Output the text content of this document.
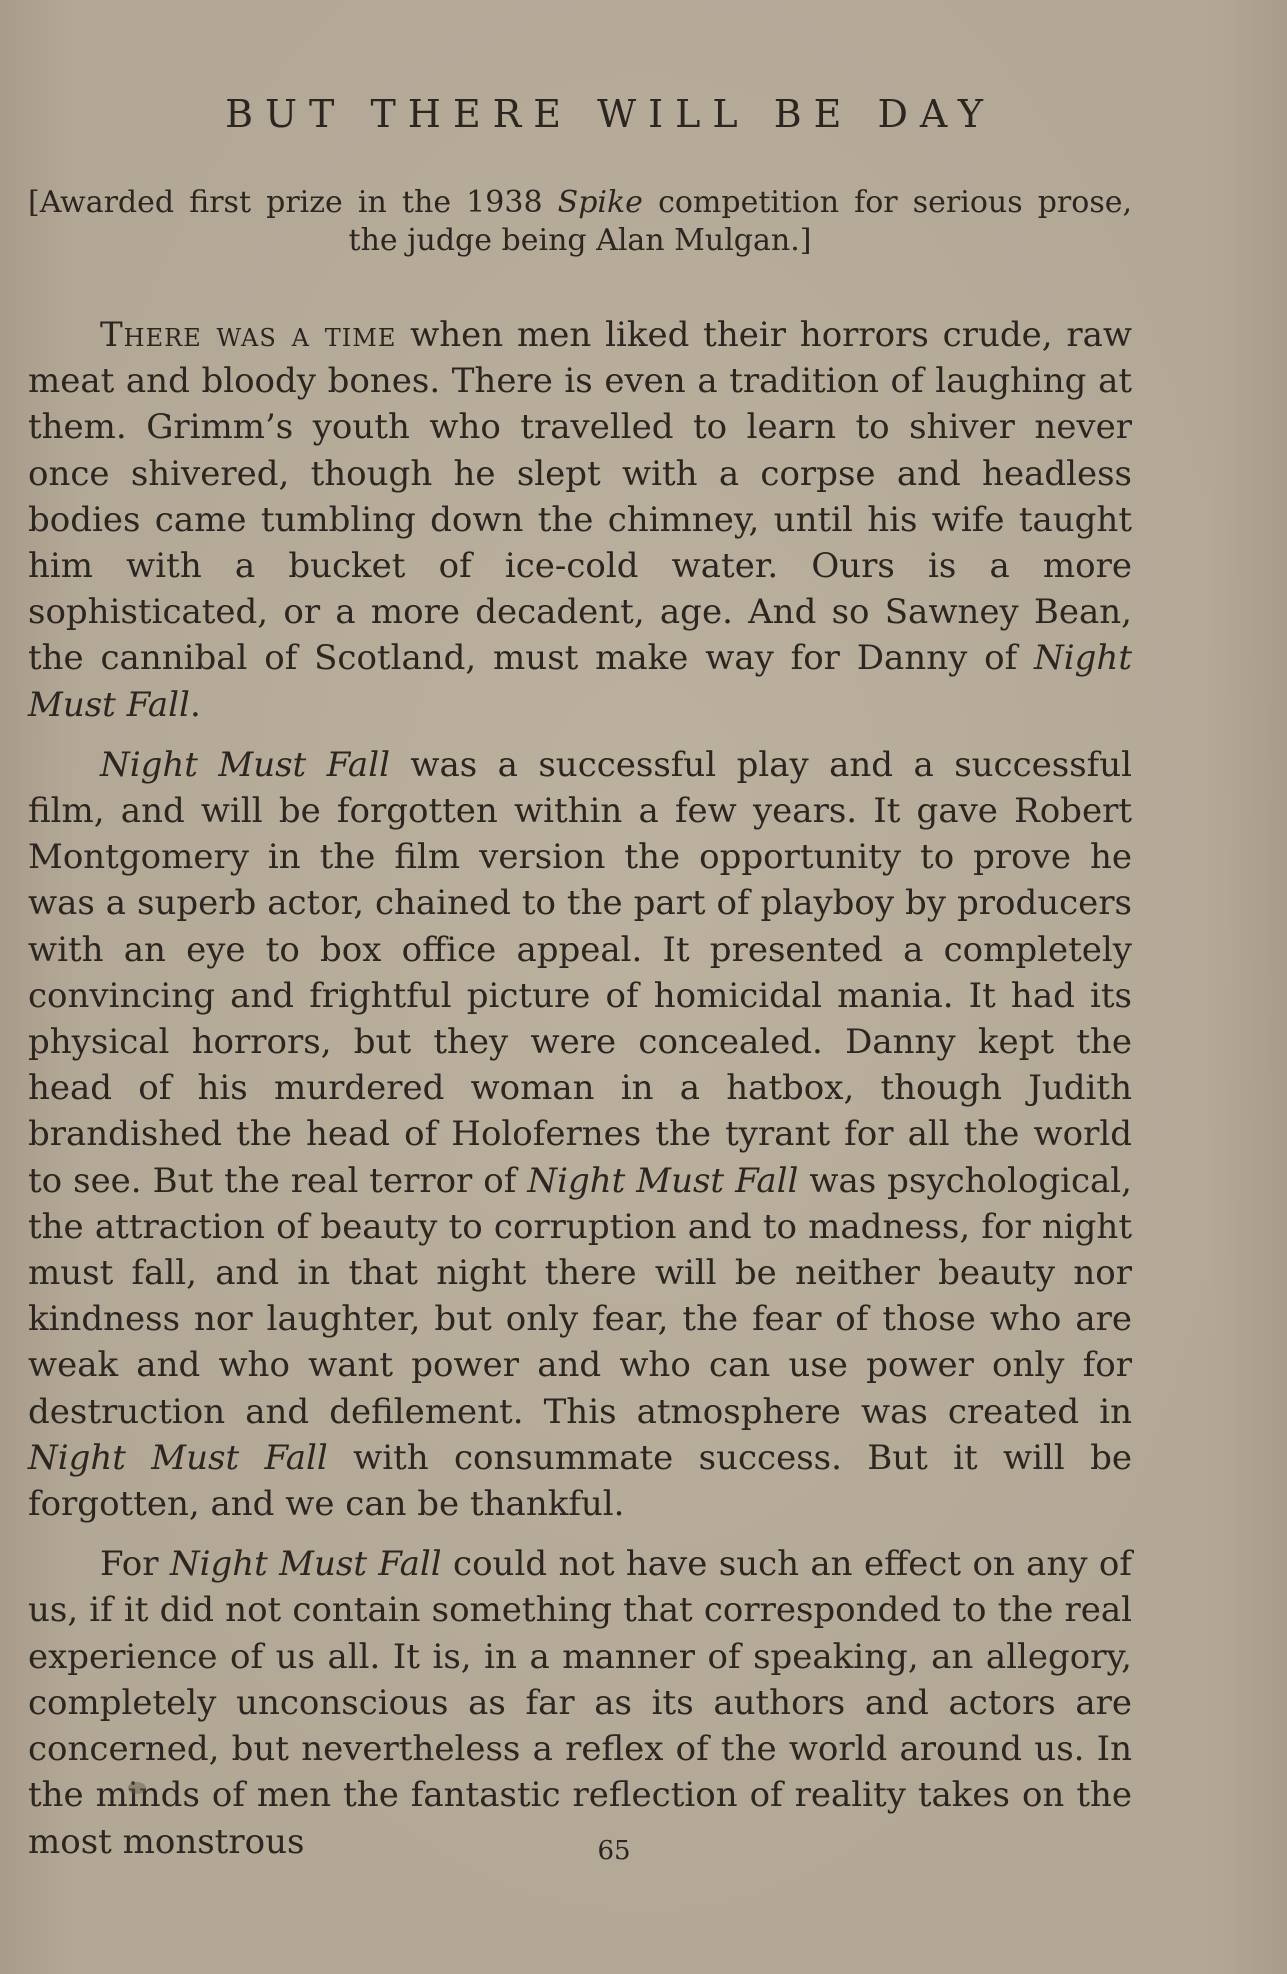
BUT THERE WILL BE DAY
[Awarded first prize in the 1938 Spike competition for serious prose,
the judge being Alan Mulgan.]

There was a time when men liked their horrors crude, raw meat and bloody bones. There is even a tradition of laughing at them. Grimm’s youth who travelled to learn to shiver never once shivered, though he slept with a corpse and headless bodies came tumbling down the chimney, until his wife taught him with a bucket of ice-cold water. Ours is a more sophisticated, or a more decadent, age. And so Sawney Bean, the cannibal of Scotland, must make way for Danny of Night Must Fall.

Night Must Fall was a successful play and a successful film, and will be forgotten within a few years. It gave Robert Montgomery in the film version the opportunity to prove he was a superb actor, chained to the part of playboy by producers with an eye to box office appeal. It presented a completely convincing and frightful picture of homicidal mania. It had its physical horrors, but they were concealed. Danny kept the head of his murdered woman in a hatbox, though Judith brandished the head of Holofernes the tyrant for all the world to see. But the real terror of Night Must Fall was psychological, the attraction of beauty to corruption and to madness, for night must fall, and in that night there will be neither beauty nor kindness nor laughter, but only fear, the fear of those who are weak and who want power and who can use power only for destruction and defilement. This atmosphere was created in Night Must Fall with consummate success. But it will be forgotten, and we can be thankful.

For Night Must Fall could not have such an effect on any of us, if it did not contain something that corresponded to the real experience of us all. It is, in a manner of speaking, an allegory, completely unconscious as far as its authors and actors are concerned, but nevertheless a reflex of the world around us. In the minds of men the fantastic reflection of reality takes on the most monstrous	65
